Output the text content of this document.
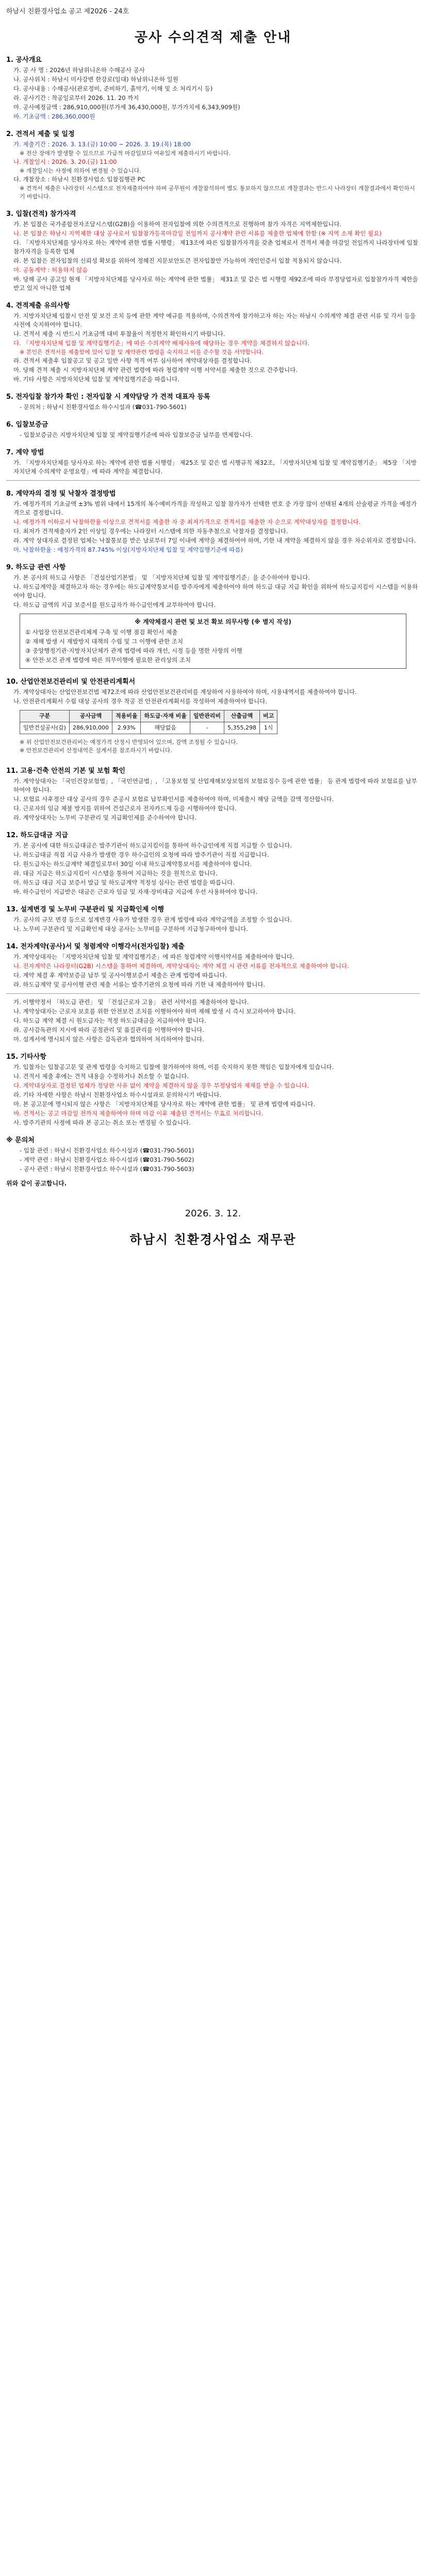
하남시 친환경사업소 공고 제2026 - 24호
공사 수의견적 제출 안내
1. 공사개요
가. 공 사 명 : 2026년 하남위니온하 수해공사 공사
나. 공사위치 : 하남시 미사강변 한강로(일대) 하남위니온하 일원
다. 공사내용 : 수해공사(관로정비, 준비하기, 흙막기, 이해 및 소 처리기시 등)
라. 공사기간 : 착공일로부터 2026. 11. 20 까지
마. 공사예정금액 : 286,910,000원(부가세 36,430,000원, 부가가치세 6,343,909원)
바. 기초금액 : 286,360,000원
2. 견적서 제출 및 일정
가. 제출기간 : 2026. 3. 13.(금) 10:00 ~ 2026. 3. 19.(목) 18:00
※ 전산 장애가 발생할 수 있으므로 가급적 마감일보다 여유있게 제출하시기 바랍니다.
나. 개찰일시 : 2026. 3. 20.(금) 11:00
※ 개찰일시는 사정에 의하여 변경될 수 있습니다.
다. 개찰장소 : 하남시 친환경사업소 입찰집행관 PC
※ 견적서 제출은 나라장터 시스템으로 전자제출하여야 하며 공무원이 개찰참석하여 별도 통보하지 않으므로 개찰결과는 반드시 나라장터 개찰결과에서 확인하시기 바랍니다.
3. 입찰(견적) 참가자격
가. 본 입찰은 국가종합전자조달시스템(G2B)을 이용하여 전자입찰에 의한 수의견적으로 진행하며 참가 자격은 지역제한입니다.
나. 본 입찰은 하남시 지역제한 대상 공사로서 입찰참가등록마감일 전일까지 공사계약 관련 서류를 제출한 업체에 한함 (※ 지역 소재 확인 필요)
다. 「지방자치단체를 당사자로 하는 계약에 관한 법률 시행령」 제13조에 따른 입찰참가자격을 갖춘 업체로서 견적서 제출 마감일 전일까지 나라장터에 입찰참가자격을 등록한 업체
라. 본 입찰은 전자입찰의 신뢰성 확보를 위하여 정해진 지문보안토큰 전자입찰만 가능하며 개인인증서 입찰 적용되지 않습니다.
마. 공동계약 : 허용하지 않음
바. 당해 공사 공고일 현재 「지방자치단체를 당사자로 하는 계약에 관한 법률」 제31조 및 같은 법 시행령 제92조에 따라 부정당업자로 입찰참가자격 제한을 받고 있지 아니한 업체
4. 견적제출 유의사항
가. 지방자치단체 입찰시 안전 및 보건 조치 등에 관한 계약 예규를 적용하며, 수의견적에 참가하고자 하는 자는 하남시 수의계약 체결 관련 서류 및 각서 등을 사전에 숙지하여야 합니다.
나. 견적서 제출 시 반드시 기초금액 대비 투찰율이 적정한지 확인하시기 바랍니다.
다. 「지방자치단체 입찰 및 계약집행기준」에 따른 수의계약 배제사유에 해당하는 경우 계약을 체결하지 않습니다.
※ 본인은 견적서를 제출함에 있어 입찰 및 계약관련 법령을 숙지하고 이를 준수할 것을 서약합니다.
라. 견적서 제출후 입찰공고 및 공고 일반 사항 적격 여부 심사하여 계약대상자를 결정합니다.
마. 당해 견적 제출 시 지방자치단체 계약 관련 법령에 따라 청렴계약 이행 서약서를 제출한 것으로 간주합니다.
바. 기타 사항은 지방자치단체 입찰 및 계약집행기준을 따릅니다.
5. 전자입찰 참가자 확인 : 전자입찰 시 계약담당 가 견적 대표자 등록
- 문의처 : 하남시 친환경사업소 하수시설과 (☎031-790-5601)
6. 입찰보증금
- 입찰보증금은 지방자치단체 입찰 및 계약집행기준에 따라 입찰보증금 납부를 면제합니다.
7. 계약 방법
가. 「지방자치단체를 당사자로 하는 계약에 관한 법률 시행령」 제25조 및 같은 법 시행규칙 제32조, 「지방자치단체 입찰 및 계약집행기준」 제5장 「지방자치단체 수의계약 운영요령」에 따라 계약을 체결합니다.
8. 계약자의 결정 및 낙찰자 결정방법
가. 예정가격의 기초금액 ±3% 범위 내에서 15개의 복수예비가격을 작성하고 입찰 참가자가 선택한 번호 중 가장 많이 선택된 4개의 산술평균 가격을 예정가격으로 결정합니다.
나. 예정가격 이하로서 낙찰하한율 이상으로 견적서를 제출한 자 중 최저가격으로 견적서를 제출한 자 순으로 계약대상자를 결정합니다.
다. 최저가 견적제출자가 2인 이상일 경우에는 나라장터 시스템에 의한 자동추첨으로 낙찰자를 결정합니다.
라. 계약 상대자로 결정된 업체는 낙찰통보를 받은 날로부터 7일 이내에 계약을 체결하여야 하며, 기한 내 계약을 체결하지 않을 경우 차순위자로 결정합니다.
마. 낙찰하한율 : 예정가격의 87.745% 이상(지방자치단체 입찰 및 계약집행기준에 따름)
9. 하도급 관련 사항
가. 본 공사의 하도급 사항은 「건설산업기본법」 및 「지방자치단체 입찰 및 계약집행기준」을 준수하여야 합니다.
나. 하도급계약을 체결하고자 하는 경우에는 하도급계약통보서를 발주자에게 제출하여야 하며 하도급 대금 지급 확인을 위하여 하도급지킴이 시스템을 이용하여야 합니다.
다. 하도급 금액의 지급 보증서를 원도급자가 하수급인에게 교부하여야 합니다.
※ 계약체결시 관련 및 보건 확보 의무사항 (※ 별지 작성)
① 사업장 안전보건관리체계 구축 및 이행 점검 확인서 제출
② 재해 발생 시 재발방지 대책의 수립 및 그 이행에 관한 조치
③ 중앙행정기관·지방자치단체가 관계 법령에 따라 개선, 시정 등을 명한 사항의 이행
④ 안전·보건 관계 법령에 따른 의무이행에 필요한 관리상의 조치
10. 산업안전보건관리비 및 안전관리계획서
가. 계약상대자는 산업안전보건법 제72조에 따라 산업안전보건관리비를 계상하여 사용하여야 하며, 사용내역서를 제출하여야 합니다.
나. 안전관리계획서 수립 대상 공사의 경우 착공 전 안전관리계획서를 작성하여 제출하여야 합니다.
구분	공사금액	적용비율	하도급·자재 비율	일반관리비	산출금액	비고
일반건설공사(갑)	286,910,000	2.93%	해당없음	-	5,355,298	1식
※ 위 산업안전보건관리비는 예정가격 산정시 반영되어 있으며, 감액 조정될 수 있습니다.
※ 안전보건관리비 산정내역은 설계서를 참조하시기 바랍니다.
11. 고용·건축 안전의 기본 및 보험 확인
가. 계약상대자는 「국민건강보험법」, 「국민연금법」, 「고용보험 및 산업재해보상보험의 보험료징수 등에 관한 법률」 등 관계 법령에 따라 보험료를 납부하여야 합니다.
나. 보험료 사후정산 대상 공사의 경우 준공시 보험료 납부확인서를 제출하여야 하며, 미제출시 해당 금액을 감액 정산합니다.
다. 근로자의 임금 체불 방지를 위하여 건설근로자 전자카드제 등을 시행하여야 합니다.
라. 계약상대자는 노무비 구분관리 및 지급확인제를 준수하여야 합니다.
12. 하도급대금 지급
가. 본 공사에 대한 하도급대금은 발주기관이 하도급지킴이를 통하여 하수급인에게 직접 지급할 수 있습니다.
나. 하도급대금 직접 지급 사유가 발생한 경우 하수급인의 요청에 따라 발주기관이 직접 지급합니다.
다. 원도급자는 하도급계약 체결일로부터 30일 이내 하도급계약통보서를 제출하여야 합니다.
라. 대금 지급은 하도급지킴이 시스템을 통하여 지급하는 것을 원칙으로 합니다.
마. 하도급 대금 지급 보증서 발급 및 하도급계약 적정성 심사는 관련 법령을 따릅니다.
바. 하수급인이 지급받은 대금은 근로자 임금 및 자재·장비대금 지급에 우선 사용하여야 합니다.
13. 설계변경 및 노무비 구분관리 및 지급확인제 이행
가. 공사의 규모 변경 등으로 설계변경 사유가 발생한 경우 관계 법령에 따라 계약금액을 조정할 수 있습니다.
나. 노무비 구분관리 및 지급확인제 대상 공사는 노무비를 구분하여 지급청구하여야 합니다.
14. 전자계약(공사)서 및 청렴계약 이행각서(전자입찰) 제출
가. 계약상대자는 「지방자치단체 입찰 및 계약집행기준」에 따른 청렴계약 이행서약서를 제출하여야 합니다.
나. 전자계약은 나라장터(G2B) 시스템을 통하여 체결하며, 계약상대자는 계약 체결 시 관련 서류를 전자적으로 제출하여야 합니다.
다. 계약 체결 후 계약보증금 납부 및 공사이행보증서 제출은 관계 법령에 따릅니다.
라. 하도급계약 및 공사이행 관련 제출 서류는 발주기관의 요청에 따라 기한 내 제출하여야 합니다.
가. 이행약정서 「하도급 관련」 및 「건설근로자 고용」 관련 서약서를 제출하여야 합니다.
나. 계약상대자는 근로자 보호를 위한 안전보건 조치를 이행하여야 하며 재해 발생 시 즉시 보고하여야 합니다.
다. 하도급 계약 체결 시 원도급자는 적정 하도급대금을 지급하여야 합니다.
라. 공사감독관의 지시에 따라 공정관리 및 품질관리를 이행하여야 합니다.
마. 설계서에 명시되지 않은 사항은 감독관과 협의하여 처리하여야 합니다.
15. 기타사항
가. 입찰자는 입찰공고문 및 관계 법령을 숙지하고 입찰에 참가하여야 하며, 이를 숙지하지 못한 책임은 입찰자에게 있습니다.
나. 견적서 제출 후에는 견적 내용을 수정하거나 취소할 수 없습니다.
다. 계약대상자로 결정된 업체가 정당한 사유 없이 계약을 체결하지 않을 경우 부정당업자 제재를 받을 수 있습니다.
라. 기타 자세한 사항은 하남시 친환경사업소 하수시설과로 문의하시기 바랍니다.
마. 본 공고문에 명시되지 않은 사항은 「지방자치단체를 당사자로 하는 계약에 관한 법률」 및 관계 법령에 따릅니다.
바. 견적서는 공고 마감일 전까지 제출하여야 하며 마감 이후 제출된 견적서는 무효로 처리합니다.
사. 발주기관의 사정에 따라 본 공고는 취소 또는 변경될 수 있습니다.
※ 문의처
- 입찰 관련 : 하남시 친환경사업소 하수시설과 (☎031-790-5601)
- 계약 관련 : 하남시 친환경사업소 하수시설과 (☎031-790-5602)
- 공사 관련 : 하남시 친환경사업소 하수시설과 (☎031-790-5603)
위와 같이 공고합니다.
2026. 3. 12.
하남시 친환경사업소 재무관
